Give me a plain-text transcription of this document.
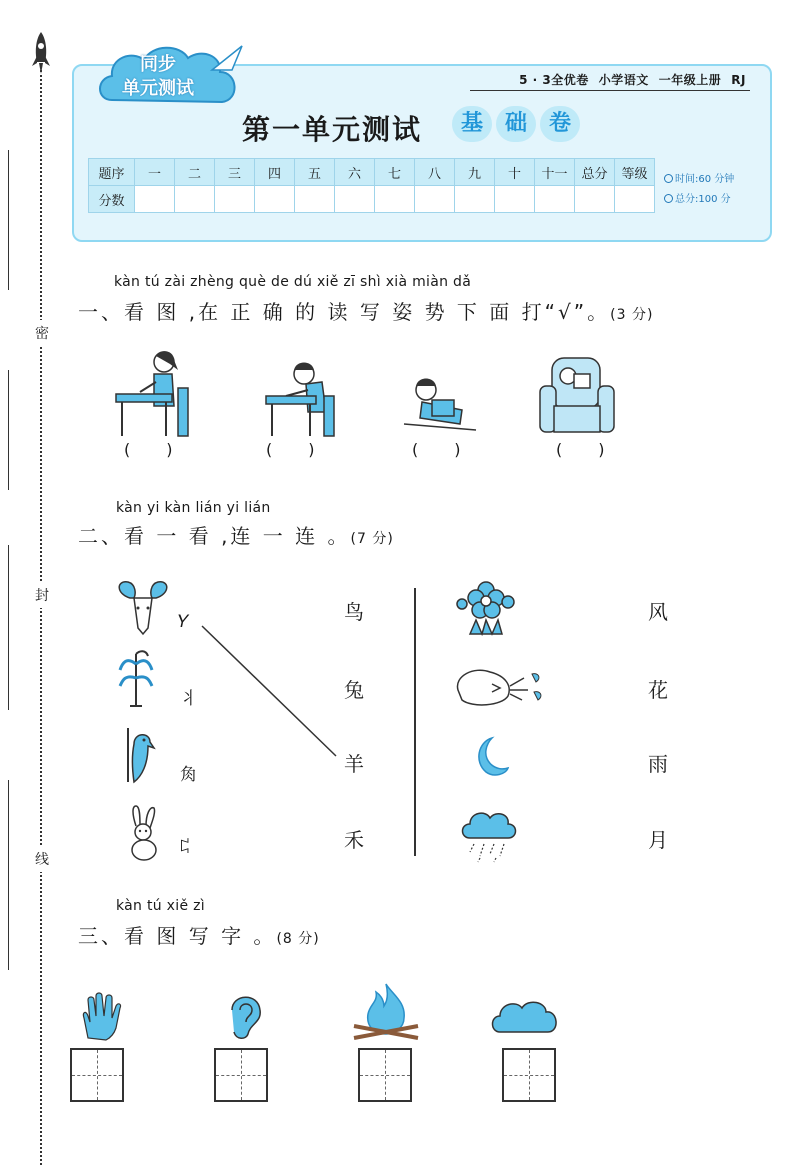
密
封
线
同步
单元测试	5 · 3全优卷 小学语文 一年级上册 RJ
第一单元测试	基 础 卷
题序	一	二	三	四	五	六	七	八	九	十	十一	总分	等级
分数													
时间:60 分钟
总分:100 分
kàn tú zài zhèng què de dú xiě zī shì xià miàn dǎ
一、看 图 ,在 正 确 的 读 写 姿 势 下 面 打“√”。(3 分)
()	()	()	()
kàn yi kàn lián yi lián
二、看 一 看 ,连 一 连 。(7 分)
𝛶
⺦
⻇
ꁊ
鸟
兔
羊
禾
风
花
雨
月
kàn tú xiě zì
三、看 图 写 字 。(8 分)
